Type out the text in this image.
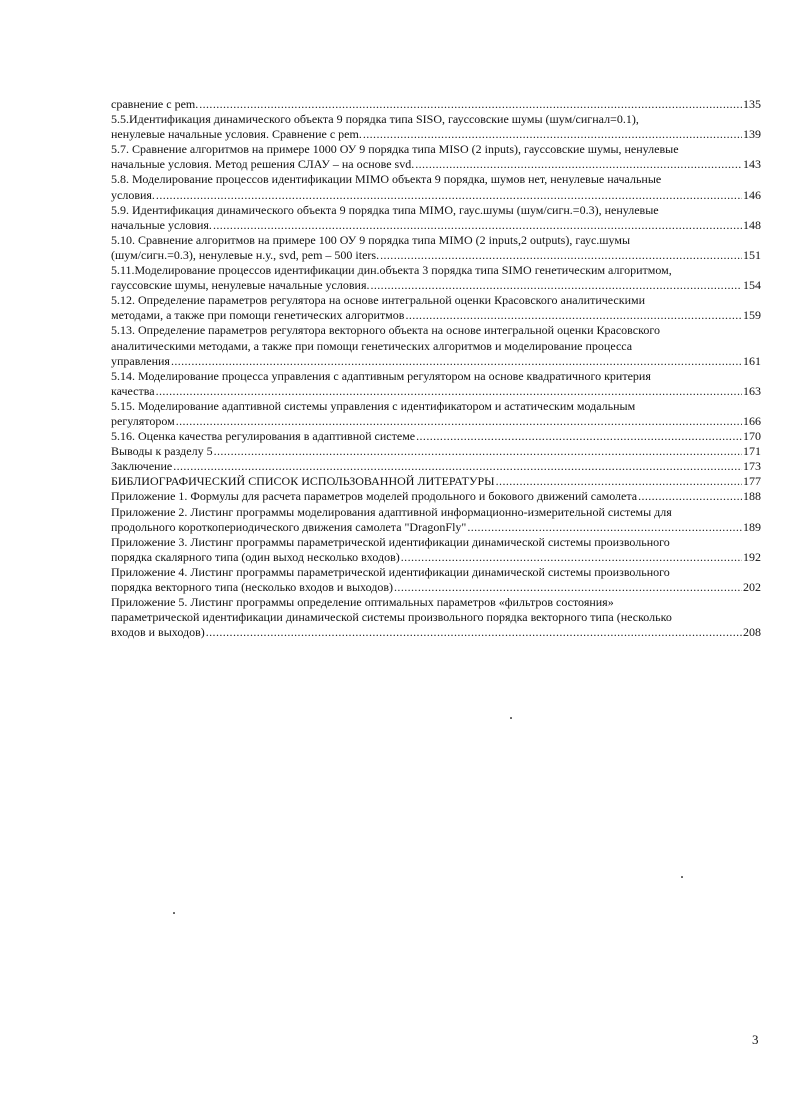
сравнение с pem. .....	135
5.5.Идентификация динамического объекта 9 порядка типа SISO, гауссовские шумы (шум/сигнал=0.1),
ненулевые начальные условия. Сравнение с pem. .....	139
5.7. Сравнение алгоритмов на примере 1000 ОУ 9 порядка типа MISO (2 inputs), гауссовские шумы, ненулевые
начальные условия. Метод решения СЛАУ – на основе svd. .....	143
5.8. Моделирование процессов идентификации MIMO объекта 9 порядка, шумов нет, ненулевые начальные
условия. .....	146
5.9. Идентификация динамического объекта 9 порядка типа MIMO, гаус.шумы (шум/сигн.=0.3), ненулевые
начальные условия. .....	148
5.10. Сравнение алгоритмов на примере 100 ОУ 9 порядка типа MIMO (2 inputs,2 outputs), гаус.шумы
(шум/сигн.=0.3), ненулевые н.у., svd, pem – 500 iters. .....	151
5.11.Моделирование процессов идентификации дин.объекта 3 порядка типа SIMO генетическим алгоритмом,
гауссовские шумы, ненулевые начальные условия. .....	154
5.12. Определение параметров регулятора на основе интегральной оценки Красовского аналитическими
методами, а также при помощи генетических алгоритмов .....	159
5.13. Определение параметров регулятора векторного объекта на основе интегральной оценки Красовского
аналитическими методами, а также при помощи генетических алгоритмов и моделирование процесса
управления .....	161
5.14. Моделирование процесса управления с адаптивным регулятором на основе квадратичного критерия
качества .....	163
5.15. Моделирование адаптивной системы управления с идентификатором и астатическим модальным
регулятором .....	166
5.16. Оценка качества регулирования в адаптивной системе .....	170
Выводы к разделу 5 .....	171
Заключение .....	173
БИБЛИОГРАФИЧЕСКИЙ СПИСОК ИСПОЛЬЗОВАННОЙ ЛИТЕРАТУРЫ .....	177
Приложение 1. Формулы для расчета параметров моделей продольного и бокового движений самолета .....	188
Приложение 2. Листинг программы моделирования адаптивной информационно-измерительной системы для
продольного короткопериодического движения самолета "DragonFly" .....	189
Приложение 3. Листинг программы параметрической идентификации динамической системы произвольного
порядка скалярного типа (один выход несколько входов) .....	192
Приложение 4. Листинг программы параметрической идентификации динамической системы произвольного
порядка векторного типа (несколько входов и выходов) .....	202
Приложение 5. Листинг программы определение оптимальных параметров «фильтров состояния»
параметрической идентификации динамической системы произвольного порядка векторного типа (несколько
входов и выходов) .....	208
3
